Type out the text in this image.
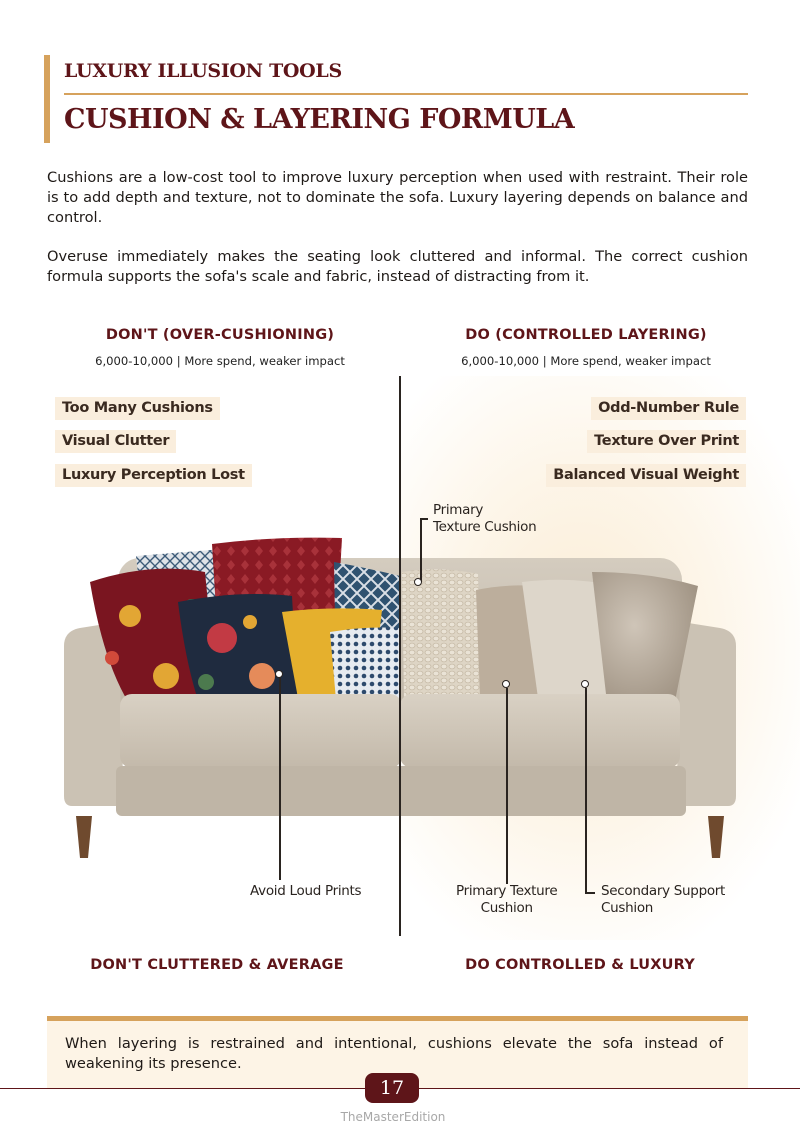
LUXURY ILLUSION TOOLS
CUSHION & LAYERING FORMULA

Cushions are a low-cost tool to improve luxury perception when used with restraint. Their role is to add depth and texture, not to dominate the sofa. Luxury layering depends on balance and control.

Overuse immediately makes the seating look cluttered and informal. The correct cushion formula supports the sofa's scale and fabric, instead of distracting from it.

DON'T (OVER-CUSHIONING)
6,000-10,000 | More spend, weaker impact
DO (CONTROLLED LAYERING)
6,000-10,000 | More spend, weaker impact
Too Many Cushions
Visual Clutter
Luxury Perception Lost
Odd-Number Rule
Texture Over Print
Balanced Visual Weight
Primary
Texture Cushion
Avoid Loud Prints	Primary Texture
Cushion
Secondary Support
Cushion
DON'T CLUTTERED & AVERAGE	DO CONTROLLED & LUXURY

When layering is restrained and intentional, cushions elevate the sofa instead of weakening its presence.

17
TheMasterEdition
